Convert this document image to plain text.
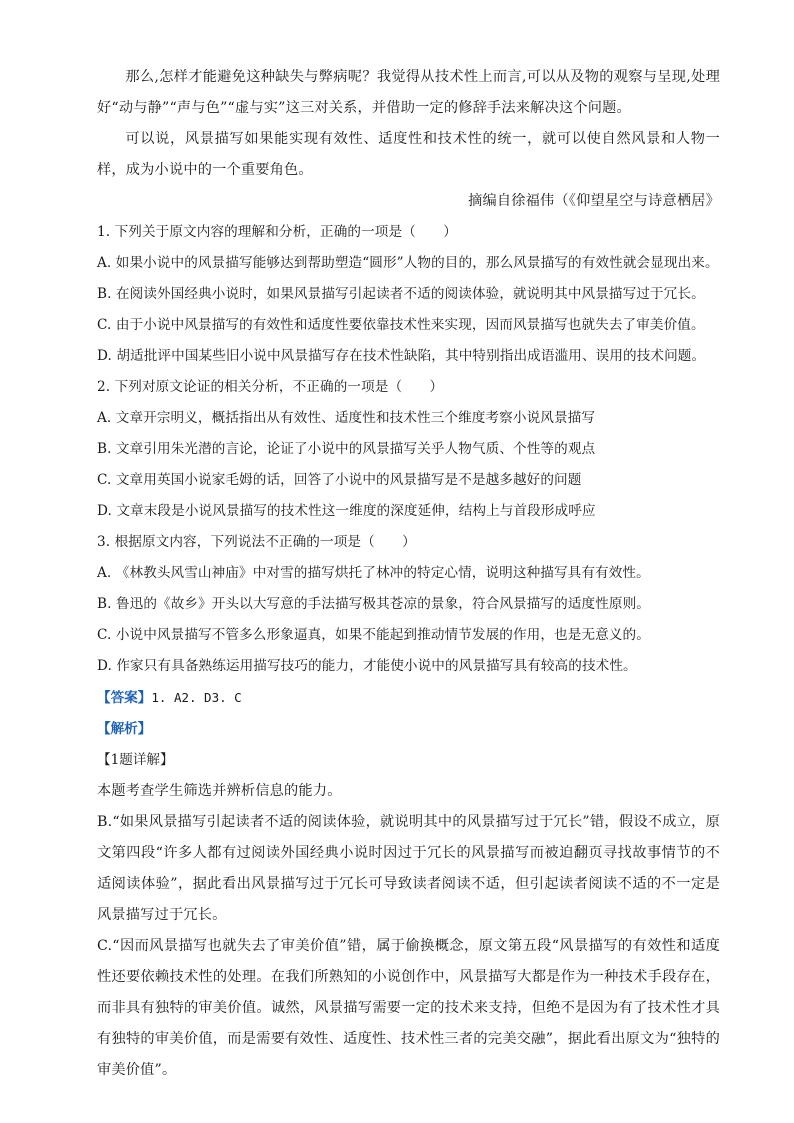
那么,怎样才能避免这种缺失与弊病呢？我觉得从技术性上而言,可以从及物的观察与呈现,处理好“动与静”“声与色”“虚与实”这三对关系，并借助一定的修辞手法来解决这个问题。

可以说，风景描写如果能实现有效性、适度性和技术性的统一，就可以使自然风景和人物一样，成为小说中的一个重要角色。

摘编自徐福伟（《仰望星空与诗意栖居》

1. 下列关于原文内容的理解和分析，正确的一项是（　　）

A. 如果小说中的风景描写能够达到帮助塑造“圆形”人物的目的，那么风景描写的有效性就会显现出来。

B. 在阅读外国经典小说时，如果风景描写引起读者不适的阅读体验，就说明其中风景描写过于冗长。

C. 由于小说中风景描写的有效性和适度性要依靠技术性来实现，因而风景描写也就失去了审美价值。

D. 胡适批评中国某些旧小说中风景描写存在技术性缺陷，其中特别指出成语滥用、误用的技术问题。

2. 下列对原文论证的相关分析，不正确的一项是（　　）

A. 文章开宗明义，概括指出从有效性、适度性和技术性三个维度考察小说风景描写

B. 文章引用朱光潜的言论，论证了小说中的风景描写关乎人物气质、个性等的观点

C. 文章用英国小说家毛姆的话，回答了小说中的风景描写是不是越多越好的问题

D. 文章末段是小说风景描写的技术性这一维度的深度延伸，结构上与首段形成呼应

3. 根据原文内容，下列说法不正确的一项是（　　）

A. 《林教头风雪山神庙》中对雪的描写烘托了林冲的特定心情，说明这种描写具有有效性。

B. 鲁迅的《故乡》开头以大写意的手法描写极其苍凉的景象，符合风景描写的适度性原则。

C. 小说中风景描写不管多么形象逼真，如果不能起到推动情节发展的作用，也是无意义的。

D. 作家只有具备熟练运用描写技巧的能力，才能使小说中的风景描写具有较高的技术性。

【答案】1. A2. D3. C

【解析】

【1题详解】

本题考查学生筛选并辨析信息的能力。

B.“如果风景描写引起读者不适的阅读体验，就说明其中的风景描写过于冗长”错，假设不成立，原文第四段“许多人都有过阅读外国经典小说时因过于冗长的风景描写而被迫翻页寻找故事情节的不适阅读体验”，据此看出风景描写过于冗长可导致读者阅读不适，但引起读者阅读不适的不一定是风景描写过于冗长。

C.“因而风景描写也就失去了审美价值”错，属于偷换概念，原文第五段“风景描写的有效性和适度性还要依赖技术性的处理。在我们所熟知的小说创作中，风景描写大都是作为一种技术手段存在，而非具有独特的审美价值。诚然，风景描写需要一定的技术来支持，但绝不是因为有了技术性才具有独特的审美价值，而是需要有效性、适度性、技术性三者的完美交融”，据此看出原文为“独特的审美价值”。
